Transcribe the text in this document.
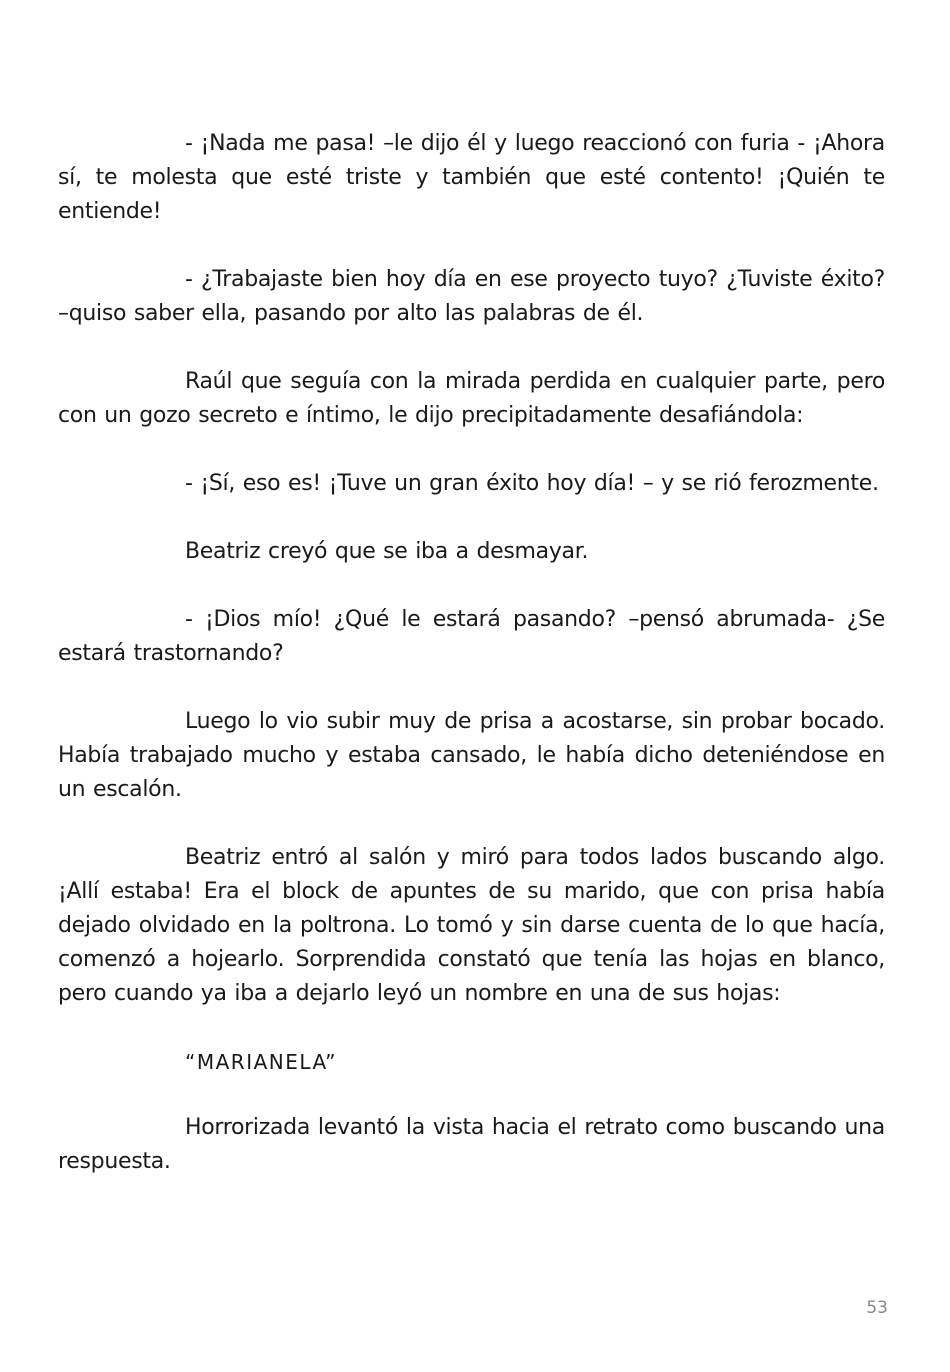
- ¡Nada me pasa! –le dijo él y luego reaccionó con furia - ¡Ahora sí, te molesta que esté triste y también que esté contento! ¡Quién te entiende!

- ¿Trabajaste bien hoy día en ese proyecto tuyo? ¿Tuviste éxito? –quiso saber ella, pasando por alto las palabras de él.

Raúl que seguía con la mirada perdida en cualquier parte, pero con un gozo secreto e íntimo, le dijo precipitadamente desafiándola:

- ¡Sí, eso es! ¡Tuve un gran éxito hoy día! – y se rió ferozmente.

Beatriz creyó que se iba a desmayar.

- ¡Dios mío! ¿Qué le estará pasando? –pensó abrumada- ¿Se estará trastornando?

Luego lo vio subir muy de prisa a acostarse, sin probar bocado. Había trabajado mucho y estaba cansado, le había dicho deteniéndose en un escalón.

Beatriz entró al salón y miró para todos lados buscando algo. ¡Allí estaba! Era el block de apuntes de su marido, que con prisa había dejado olvidado en la poltrona. Lo tomó y sin darse cuenta de lo que hacía, comenzó a hojearlo. Sorprendida constató que tenía las hojas en blanco, pero cuando ya iba a dejarlo leyó un nombre en una de sus hojas:

“MARIANELA”

Horrorizada levantó la vista hacia el retrato como buscando una respuesta.

53
